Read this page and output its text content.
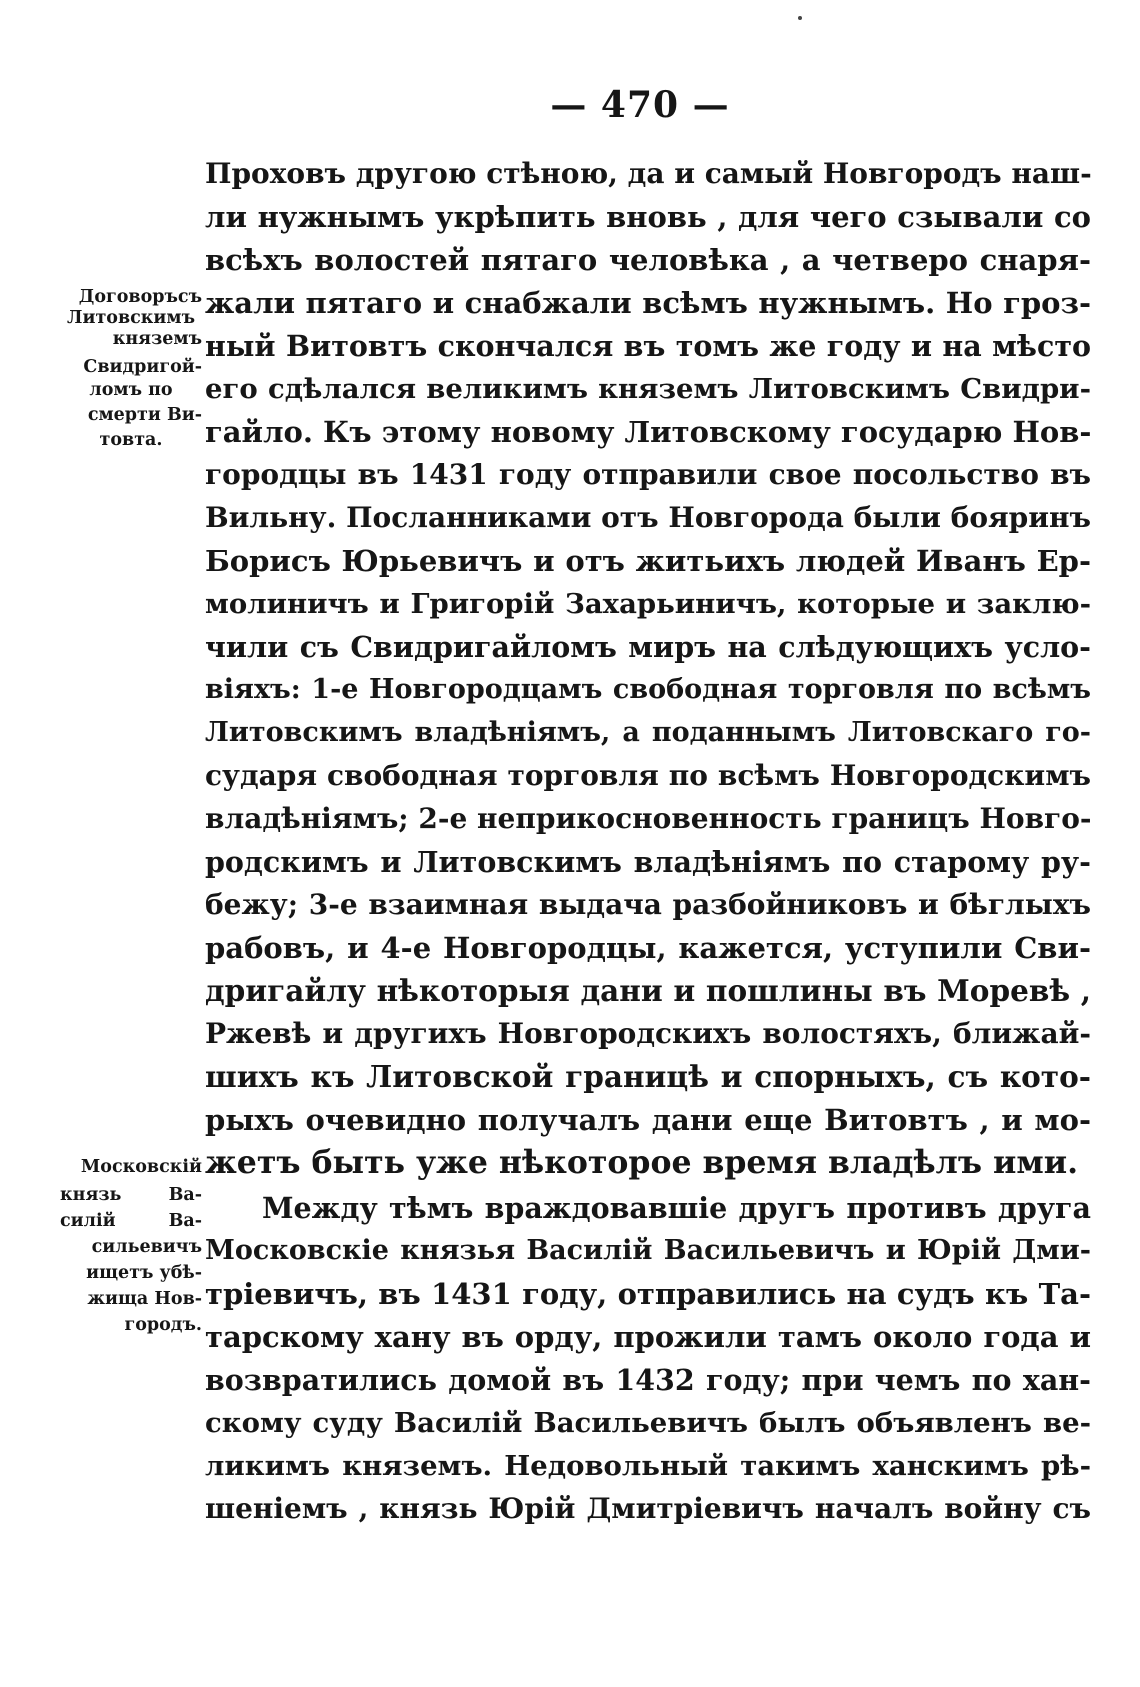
— 470 —
Договоръсъ
Литовскимъ
княземъ
Свидригой-
ломъ по
смерти Ви-
товта.
Московскій
князь Ва-
силій Ва-
сильевичъ
ищетъ убѣ-
жища Нов-
городъ.
Проховъ другою стѣною, да и самый Новгородъ наш-
ли нужнымъ укрѣпить вновь , для чего сзывали со
всѣхъ волостей пятаго человѣка , а четверо снаря-
жали пятаго и снабжали всѣмъ нужнымъ. Но гроз-
ный Витовтъ скончался въ томъ же году и на мѣсто
его сдѣлался великимъ княземъ Литовскимъ Свидри-
гайло. Къ этому новому Литовскому государю Нов-
городцы въ 1431 году отправили свое посольство въ
Вильну. Посланниками отъ Новгорода были бояринъ
Борисъ Юрьевичъ и отъ житьихъ людей Иванъ Ер-
молиничъ и Григорій Захарьиничъ, которые и заклю-
чили съ Свидригайломъ миръ на слѣдующихъ усло-
віяхъ: 1-е Новгородцамъ свободная торговля по всѣмъ
Литовскимъ владѣніямъ, а поданнымъ Литовскаго го-
сударя свободная торговля по всѣмъ Новгородскимъ
владѣніямъ; 2-е неприкосновенность границъ Новго-
родскимъ и Литовскимъ владѣніямъ по старому ру-
бежу; 3-е взаимная выдача разбойниковъ и бѣглыхъ
рабовъ, и 4-е Новгородцы, кажется, уступили Сви-
дригайлу нѣкоторыя дани и пошлины въ Моревѣ ,
Ржевѣ и другихъ Новгородскихъ волостяхъ, ближай-
шихъ къ Литовской границѣ и спорныхъ, съ кото-
рыхъ очевидно получалъ дани еще Витовтъ , и мо-
жетъ быть уже нѣкоторое время владѣлъ ими.
Между тѣмъ враждовавшіе другъ противъ друга
Московскіе князья Василій Васильевичъ и Юрій Дми-
тріевичъ, въ 1431 году, отправились на судъ къ Та-
тарскому хану въ орду, прожили тамъ около года и
возвратились домой въ 1432 году; при чемъ по хан-
скому суду Василій Васильевичъ былъ объявленъ ве-
ликимъ княземъ. Недовольный такимъ ханскимъ рѣ-
шеніемъ , князь Юрій Дмитріевичъ началъ войну съ
